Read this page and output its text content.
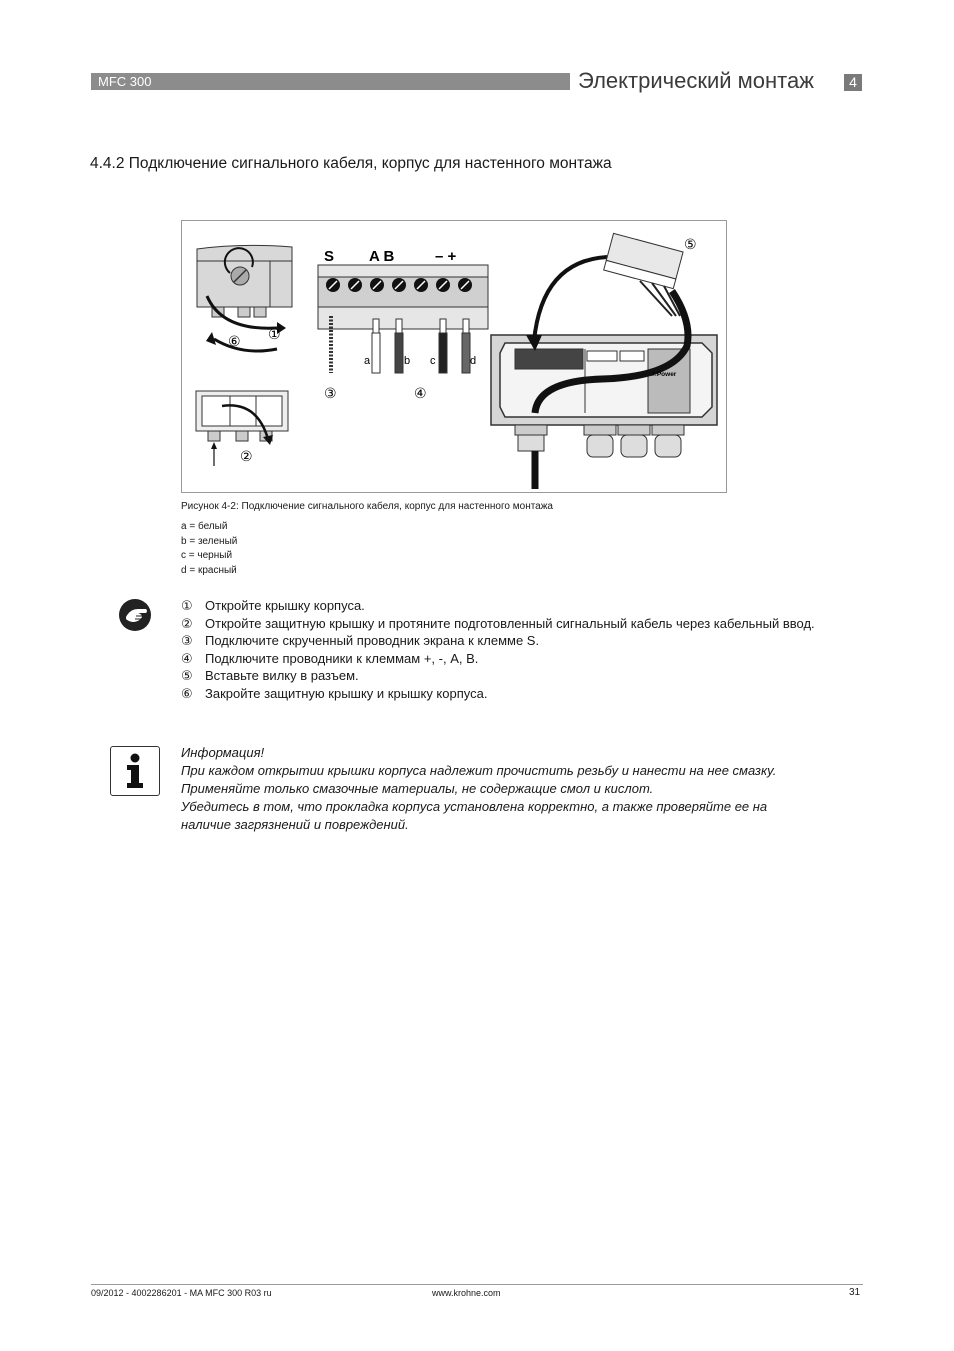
MFC 300	Электрический монтаж	4
4.4.2 Подключение сигнального кабеля, корпус для настенного монтажа
①
⑥
②
S A B	– +
a	b c	d
③	④
⚠Power
⑤
Рисунок 4-2: Подключение сигнального кабеля, корпус для настенного монтажа
a = белый
b = зеленый
c = черный
d = красный
① Откройте крышку корпуса.
② Откройте защитную крышку и протяните подготовленный сигнальный кабель через кабельный ввод.
③ Подключите скрученный проводник экрана к клемме S.
④ Подключите проводники к клеммам +, -, A, B.
⑤ Вставьте вилку в разъем.
⑥ Закройте защитную крышку и крышку корпуса.
Информация!
При каждом открытии крышки корпуса надлежит прочистить резьбу и нанести на нее смазку.
Применяйте только смазочные материалы, не содержащие смол и кислот.
Убедитесь в том, что прокладка корпуса установлена корректно, а также проверяйте ее на
наличие загрязнений и повреждений.
09/2012 - 4002286201 - MA MFC 300 R03 ru	www.krohne.com	31
